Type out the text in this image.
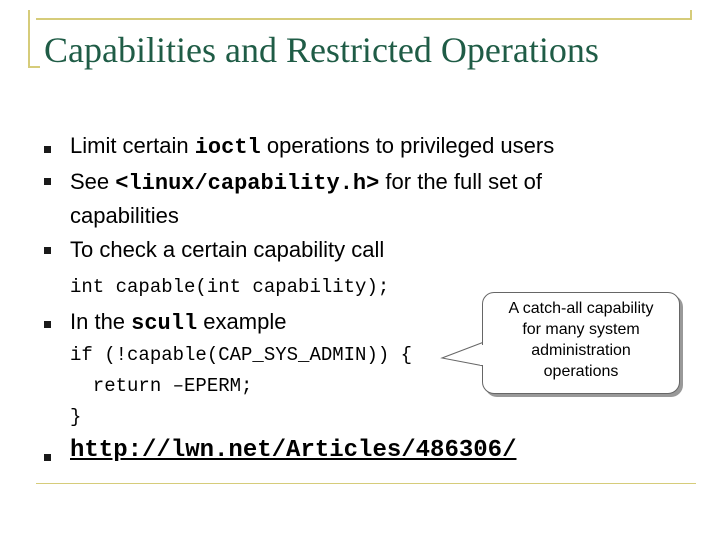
Capabilities and Restricted Operations
Limit certain ioctl operations to privileged users
See <linux/capability.h> for the full set of
capabilities
To check a certain capability call
int capable(int capability);
In the scull example
if (!capable(CAP_SYS_ADMIN)) {
return –EPERM;
}
http://lwn.net/Articles/486306/
A catch-all capability
for many system
administration
operations
